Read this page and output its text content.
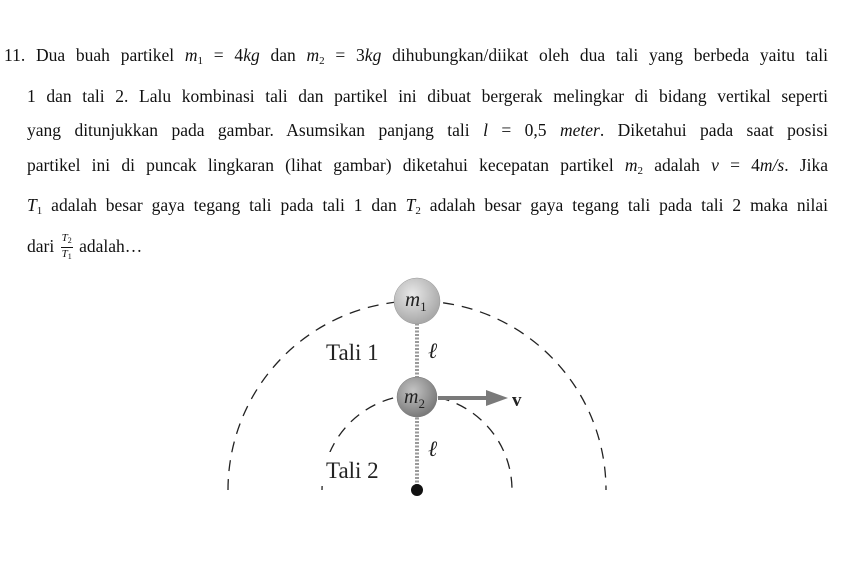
11. Dua buah partikel $m_1 = 4kg$ dan $m_2 = 3kg$ dihubungkan/diikat oleh dua tali yang berbeda yaitu tali
1 dan tali 2. Lalu kombinasi tali dan partikel ini dibuat bergerak melingkar di bidang vertikal seperti
yang ditunjukkan pada gambar. Asumsikan panjang tali l = 0,5 meter. Diketahui pada saat posisi
partikel ini di puncak lingkaran (lihat gambar) diketahui kecepatan partikel $m_2$ adalah v = 4m/s. Jika
$T_1$ adalah besar gaya tegang tali pada tali 1 dan $T_2$ adalah besar gaya tegang tali pada tali 2 maka nilai
dari $\frac{T_2}{T_1}$ adalah…
$m_1$
$m_2$
Tali 1
Tali 2
ℓ
ℓ
v
